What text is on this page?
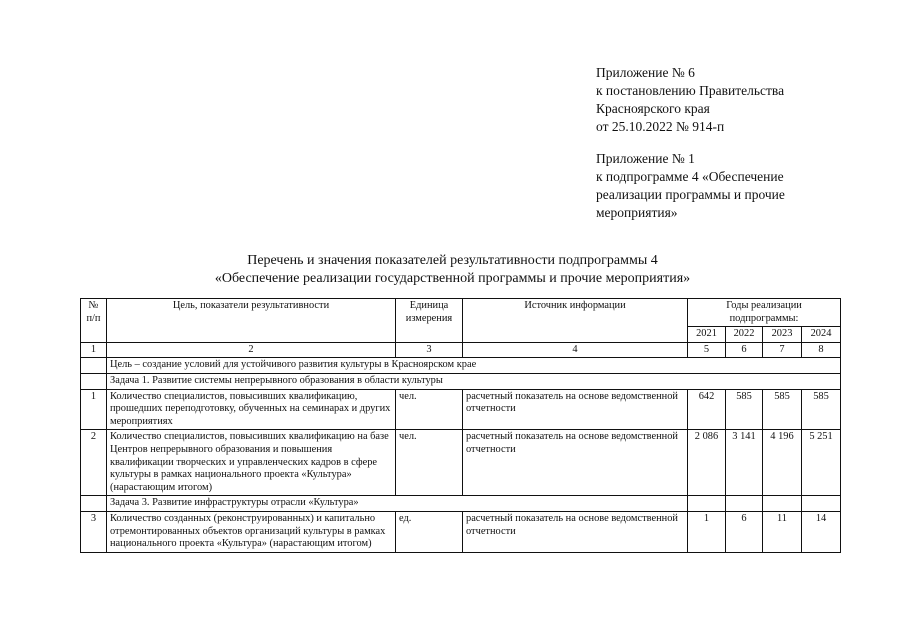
Приложение № 6
к постановлению Правительства
Красноярского края
от 25.10.2022 № 914-п
Приложение № 1
к подпрограмме 4 «Обеспечение
реализации программы и прочие
мероприятия»
Перечень и значения показателей результативности подпрограммы 4
«Обеспечение реализации государственной программы и прочие мероприятия»
№ п/п	Цель, показатели результативности	Единица измерения	Источник информации	Годы реализации подпрограммы:			
				2021	2022	2023	2024
1	2	3	4	5	6	7	8
	Цель – создание условий для устойчивого развития культуры в Красноярском крае						
	Задача 1. Развитие системы непрерывного образования в области культуры						
1	Количество специалистов, повысивших квалификацию, прошедших переподготовку, обученных на семинарах и других мероприятиях	чел.	расчетный показатель на основе ведомственной отчетности	642	585	585	585
2	Количество специалистов, повысивших квалификацию на базе Центров непрерывного образования и повышения квалификации творческих и управленческих кадров в сфере культуры в рамках национального проекта «Культура» (нарастающим итогом)	чел.	расчетный показатель на основе ведомственной отчетности	2 086	3 141	4 196	5 251
	Задача 3. Развитие инфраструктуры отрасли «Культура»						
3	Количество созданных (реконструированных) и капитально отремонтированных объектов организаций культуры в рамках национального проекта «Культура» (нарастающим итогом)	ед.	расчетный показатель на основе ведомственной отчетности	1	6	11	14
